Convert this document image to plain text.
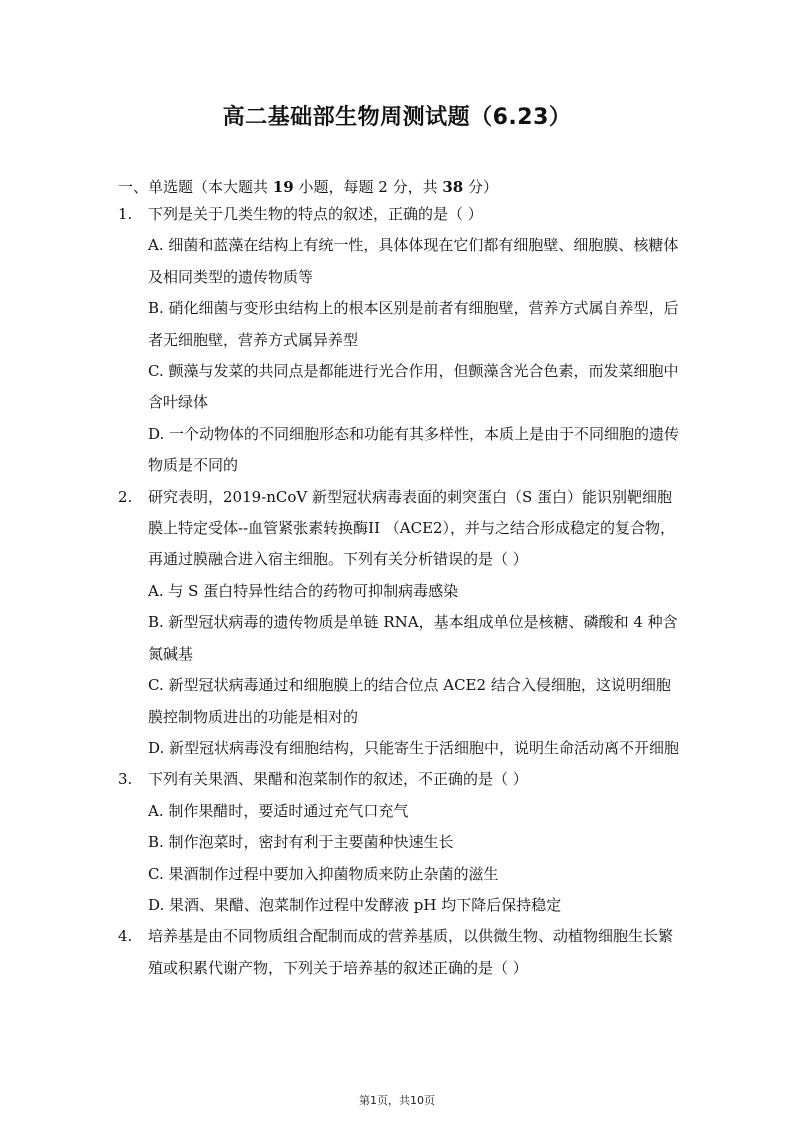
高二基础部生物周测试题（6.23）
一、单选题（本大题共 19 小题，每题 2 分，共 38 分）
1. 下列是关于几类生物的特点的叙述，正确的是（ ）
A. 细菌和蓝藻在结构上有统一性，具体体现在它们都有细胞壁、细胞膜、核糖体及相同类型的遗传物质等
B. 硝化细菌与变形虫结构上的根本区别是前者有细胞壁，营养方式属自养型，后者无细胞壁，营养方式属异养型
C. 颤藻与发菜的共同点是都能进行光合作用，但颤藻含光合色素，而发菜细胞中含叶绿体
D. 一个动物体的不同细胞形态和功能有其多样性，本质上是由于不同细胞的遗传物质是不同的
2. 研究表明，2019-nCoV 新型冠状病毒表面的刺突蛋白（S 蛋白）能识别靶细胞膜上特定受体--血管紧张素转换酶II （ACE2），并与之结合形成稳定的复合物，再通过膜融合进入宿主细胞。下列有关分析错误的是（ ）
A. 与 S 蛋白特异性结合的药物可抑制病毒感染
B. 新型冠状病毒的遗传物质是单链 RNA，基本组成单位是核糖、磷酸和 4 种含氮碱基
C. 新型冠状病毒通过和细胞膜上的结合位点 ACE2 结合入侵细胞，这说明细胞膜控制物质进出的功能是相对的
D. 新型冠状病毒没有细胞结构，只能寄生于活细胞中，说明生命活动离不开细胞
3. 下列有关果酒、果醋和泡菜制作的叙述，不正确的是（ ）
A. 制作果醋时，要适时通过充气口充气
B. 制作泡菜时，密封有利于主要菌种快速生长
C. 果酒制作过程中要加入抑菌物质来防止杂菌的滋生
D. 果酒、果醋、泡菜制作过程中发酵液 pH 均下降后保持稳定
4. 培养基是由不同物质组合配制而成的营养基质，以供微生物、动植物细胞生长繁殖或积累代谢产物，下列关于培养基的叙述正确的是（ ）
第1页，共10页
